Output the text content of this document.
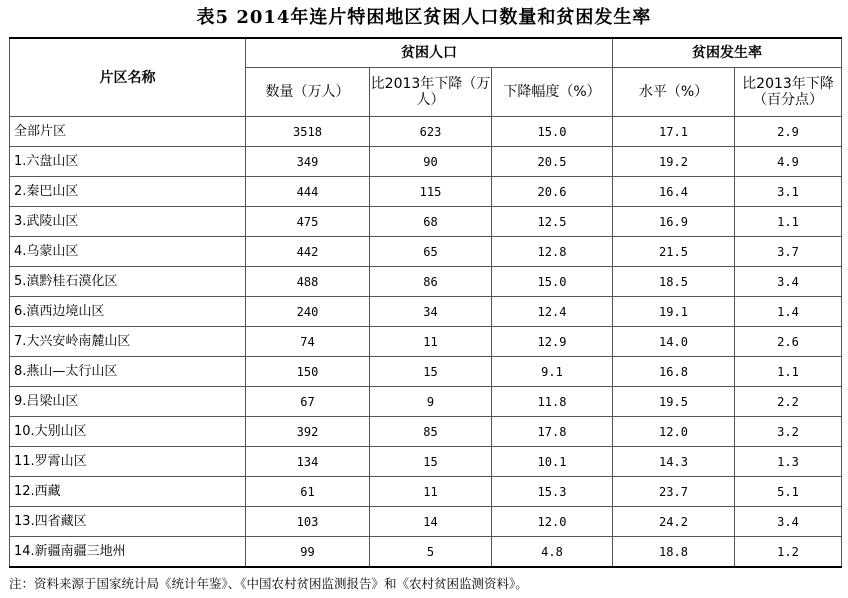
表5 2014年连片特困地区贫困人口数量和贫困发生率
片区名称	贫困人口			贫困发生率	
	数量（万人）	比2013年下降（万人）	下降幅度（%）	水平（%）	比2013年下降（百分点）
全部片区	3518	623	15.0	17.1	2.9
1.六盘山区	349	90	20.5	19.2	4.9
2.秦巴山区	444	115	20.6	16.4	3.1
3.武陵山区	475	68	12.5	16.9	1.1
4.乌蒙山区	442	65	12.8	21.5	3.7
5.滇黔桂石漠化区	488	86	15.0	18.5	3.4
6.滇西边境山区	240	34	12.4	19.1	1.4
7.大兴安岭南麓山区	74	11	12.9	14.0	2.6
8.燕山—太行山区	150	15	9.1	16.8	1.1
9.吕梁山区	67	9	11.8	19.5	2.2
10.大别山区	392	85	17.8	12.0	3.2
11.罗霄山区	134	15	10.1	14.3	1.3
12.西藏	61	11	15.3	23.7	5.1
13.四省藏区	103	14	12.0	24.2	3.4
14.新疆南疆三地州	99	5	4.8	18.8	1.2
注：资料来源于国家统计局《统计年鉴》、《中国农村贫困监测报告》和《农村贫困监测资料》。
